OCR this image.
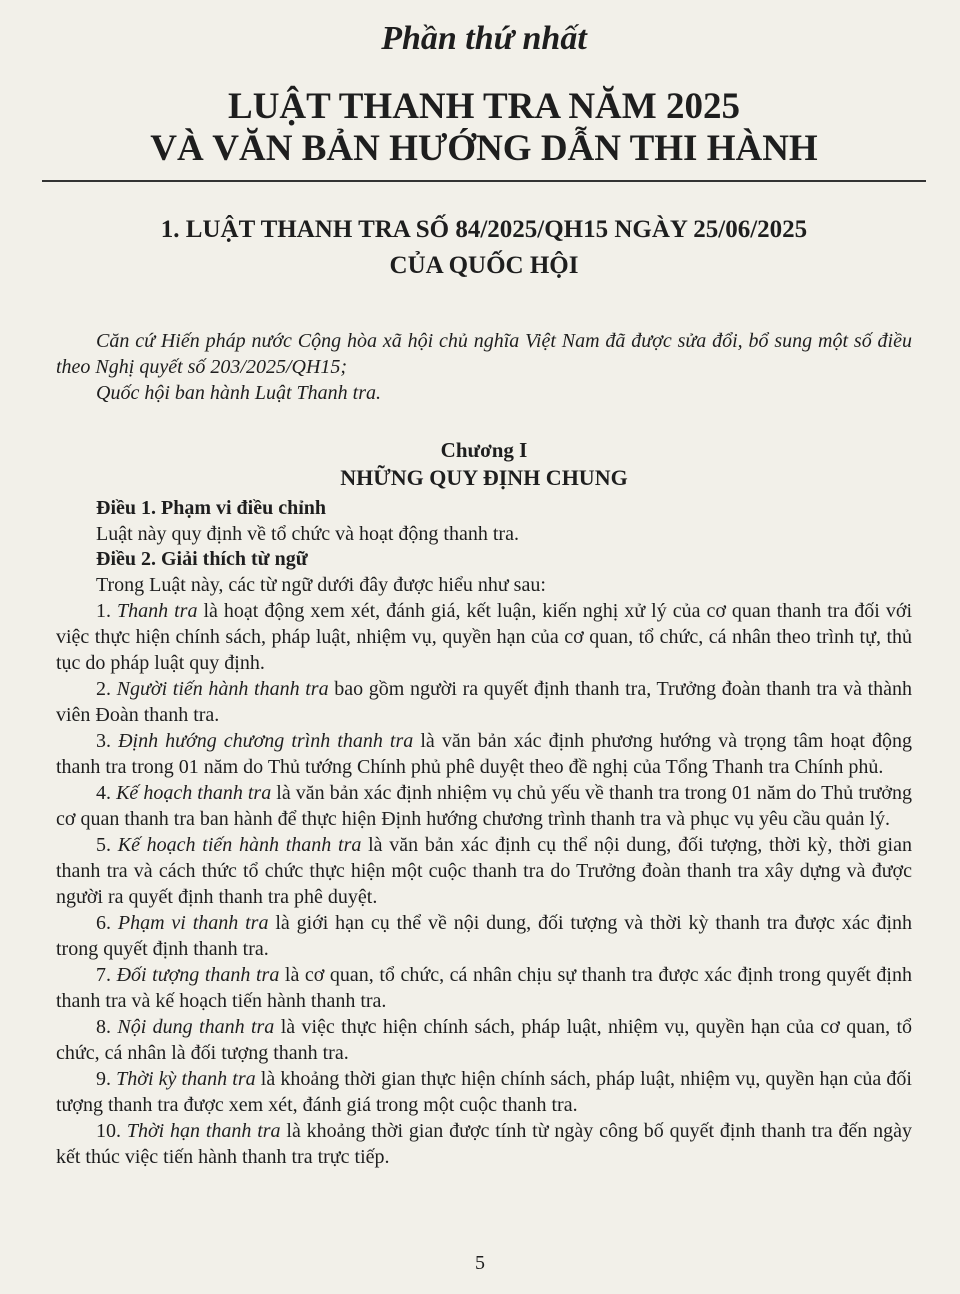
Phần thứ nhất
LUẬT THANH TRA NĂM 2025
VÀ VĂN BẢN HƯỚNG DẪN THI HÀNH
1. LUẬT THANH TRA SỐ 84/2025/QH15 NGÀY 25/06/2025
CỦA QUỐC HỘI

Căn cứ Hiến pháp nước Cộng hòa xã hội chủ nghĩa Việt Nam đã được sửa đổi, bổ sung một số điều theo Nghị quyết số 203/2025/QH15;

Quốc hội ban hành Luật Thanh tra.

Chương I
NHỮNG QUY ĐỊNH CHUNG

Điều 1. Phạm vi điều chỉnh

Luật này quy định về tổ chức và hoạt động thanh tra.

Điều 2. Giải thích từ ngữ

Trong Luật này, các từ ngữ dưới đây được hiểu như sau:

1. Thanh tra là hoạt động xem xét, đánh giá, kết luận, kiến nghị xử lý của cơ quan thanh tra đối với việc thực hiện chính sách, pháp luật, nhiệm vụ, quyền hạn của cơ quan, tổ chức, cá nhân theo trình tự, thủ tục do pháp luật quy định.

2. Người tiến hành thanh tra bao gồm người ra quyết định thanh tra, Trưởng đoàn thanh tra và thành viên Đoàn thanh tra.

3. Định hướng chương trình thanh tra là văn bản xác định phương hướng và trọng tâm hoạt động thanh tra trong 01 năm do Thủ tướng Chính phủ phê duyệt theo đề nghị của Tổng Thanh tra Chính phủ.

4. Kế hoạch thanh tra là văn bản xác định nhiệm vụ chủ yếu về thanh tra trong 01 năm do Thủ trưởng cơ quan thanh tra ban hành để thực hiện Định hướng chương trình thanh tra và phục vụ yêu cầu quản lý.

5. Kế hoạch tiến hành thanh tra là văn bản xác định cụ thể nội dung, đối tượng, thời kỳ, thời gian thanh tra và cách thức tổ chức thực hiện một cuộc thanh tra do Trưởng đoàn thanh tra xây dựng và được người ra quyết định thanh tra phê duyệt.

6. Phạm vi thanh tra là giới hạn cụ thể về nội dung, đối tượng và thời kỳ thanh tra được xác định trong quyết định thanh tra.

7. Đối tượng thanh tra là cơ quan, tổ chức, cá nhân chịu sự thanh tra được xác định trong quyết định thanh tra và kế hoạch tiến hành thanh tra.

8. Nội dung thanh tra là việc thực hiện chính sách, pháp luật, nhiệm vụ, quyền hạn của cơ quan, tổ chức, cá nhân là đối tượng thanh tra.

9. Thời kỳ thanh tra là khoảng thời gian thực hiện chính sách, pháp luật, nhiệm vụ, quyền hạn của đối tượng thanh tra được xem xét, đánh giá trong một cuộc thanh tra.

10. Thời hạn thanh tra là khoảng thời gian được tính từ ngày công bố quyết định thanh tra đến ngày kết thúc việc tiến hành thanh tra trực tiếp.

5
